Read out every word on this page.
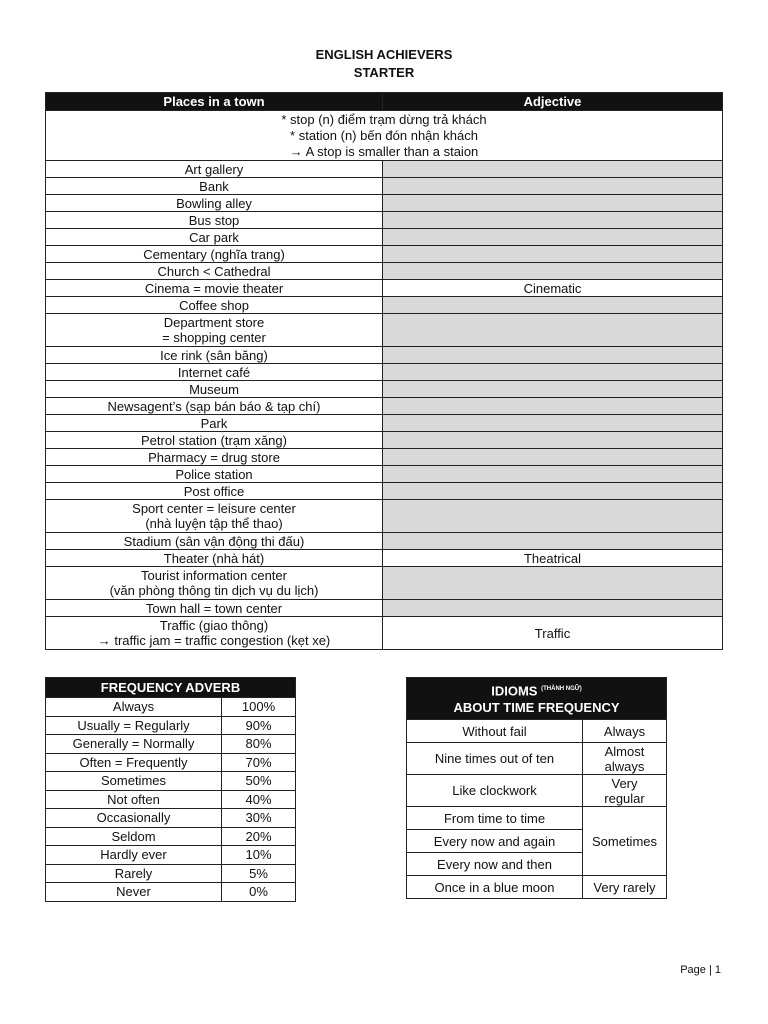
ENGLISH ACHIEVERS
STARTER
Places in a town	Adjective

* stop (n) điểm trạm dừng trả khách
* station (n) bến đón nhận khách
→ A stop is smaller than a staion	

Art gallery	
Bank	
Bowling alley	
Bus stop	
Car park	
Cementary (nghĩa trang)	
Church < Cathedral	
Cinema = movie theater	Cinematic
Coffee shop	
Department store
= shopping center	
Ice rink (sân băng)	
Internet café	
Museum	
Newsagent’s (sạp bán báo & tạp chí)	
Park	
Petrol station (trạm xăng)	
Pharmacy = drug store	
Police station	
Post office	
Sport center = leisure center
(nhà luyện tập thể thao)	
Stadium (sân vận động thi đấu)	
Theater (nhà hát)	Theatrical
Tourist information center
(văn phòng thông tin dịch vụ du lịch)	
Town hall = town center	
Traffic (giao thông)
→ traffic jam = traffic congestion (kẹt xe)	Traffic
FREQUENCY ADVERB	
Always	100%
Usually = Regularly	90%
Generally = Normally	80%
Often = Frequently	70%
Sometimes	50%
Not often	40%
Occasionally	30%
Seldom	20%
Hardly ever	10%
Rarely	5%
Never	0%
IDIOMS $^{(THÀNH NGỮ)}$
ABOUT TIME FREQUENCY	
Without fail	Always
Nine times out of ten	Almost
always
Like clockwork	Very
regular
From time to time	Sometimes
Every now and again	
Every now and then	
Once in a blue moon	Very rarely
Page | 1
